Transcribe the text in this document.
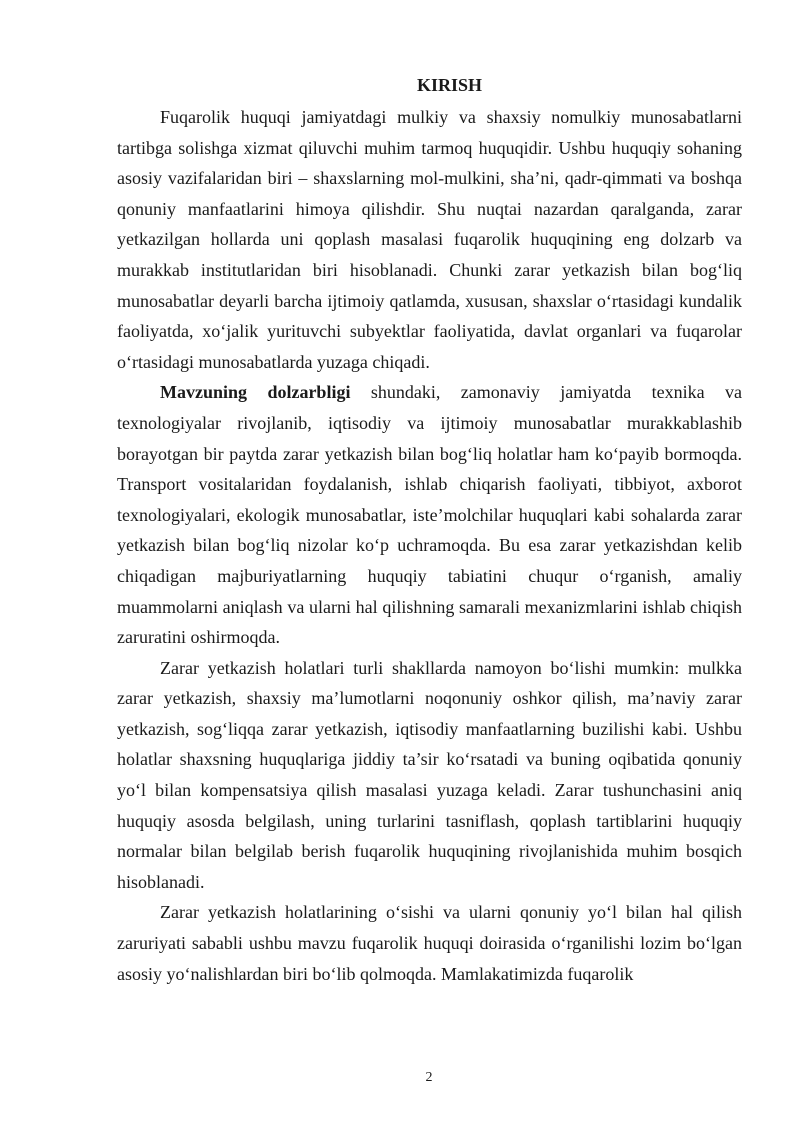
KIRISH

Fuqarolik huquqi jamiyatdagi mulkiy va shaxsiy nomulkiy munosabatlarni tartibga solishga xizmat qiluvchi muhim tarmoq huquqidir. Ushbu huquqiy sohaning asosiy vazifalaridan biri – shaxslarning mol-mulkini, sha’ni, qadr-qimmati va boshqa qonuniy manfaatlarini himoya qilishdir. Shu nuqtai nazardan qaralganda, zarar yetkazilgan hollarda uni qoplash masalasi fuqarolik huquqining eng dolzarb va murakkab institutlaridan biri hisoblanadi. Chunki zarar yetkazish bilan bog‘liq munosabatlar deyarli barcha ijtimoiy qatlamda, xususan, shaxslar o‘rtasidagi kundalik faoliyatda, xo‘jalik yurituvchi subyektlar faoliyatida, davlat organlari va fuqarolar o‘rtasidagi munosabatlarda yuzaga chiqadi.

Mavzuning dolzarbligi shundaki, zamonaviy jamiyatda texnika va texnologiyalar rivojlanib, iqtisodiy va ijtimoiy munosabatlar murakkablashib borayotgan bir paytda zarar yetkazish bilan bog‘liq holatlar ham ko‘payib bormoqda. Transport vositalaridan foydalanish, ishlab chiqarish faoliyati, tibbiyot, axborot texnologiyalari, ekologik munosabatlar, iste’molchilar huquqlari kabi sohalarda zarar yetkazish bilan bog‘liq nizolar ko‘p uchramoqda. Bu esa zarar yetkazishdan kelib chiqadigan majburiyatlarning huquqiy tabiatini chuqur o‘rganish, amaliy muammolarni aniqlash va ularni hal qilishning samarali mexanizmlarini ishlab chiqish zaruratini oshirmoqda.

Zarar yetkazish holatlari turli shakllarda namoyon bo‘lishi mumkin: mulkka zarar yetkazish, shaxsiy ma’lumotlarni noqonuniy oshkor qilish, ma’naviy zarar yetkazish, sog‘liqqa zarar yetkazish, iqtisodiy manfaatlarning buzilishi kabi. Ushbu holatlar shaxsning huquqlariga jiddiy ta’sir ko‘rsatadi va buning oqibatida qonuniy yo‘l bilan kompensatsiya qilish masalasi yuzaga keladi. Zarar tushunchasini aniq huquqiy asosda belgilash, uning turlarini tasniflash, qoplash tartiblarini huquqiy normalar bilan belgilab berish fuqarolik huquqining rivojlanishida muhim bosqich hisoblanadi.

Zarar yetkazish holatlarining o‘sishi va ularni qonuniy yo‘l bilan hal qilish zaruriyati sababli ushbu mavzu fuqarolik huquqi doirasida o‘rganilishi lozim bo‘lgan asosiy yo‘nalishlardan biri bo‘lib qolmoqda. Mamlakatimizda fuqarolik

2
